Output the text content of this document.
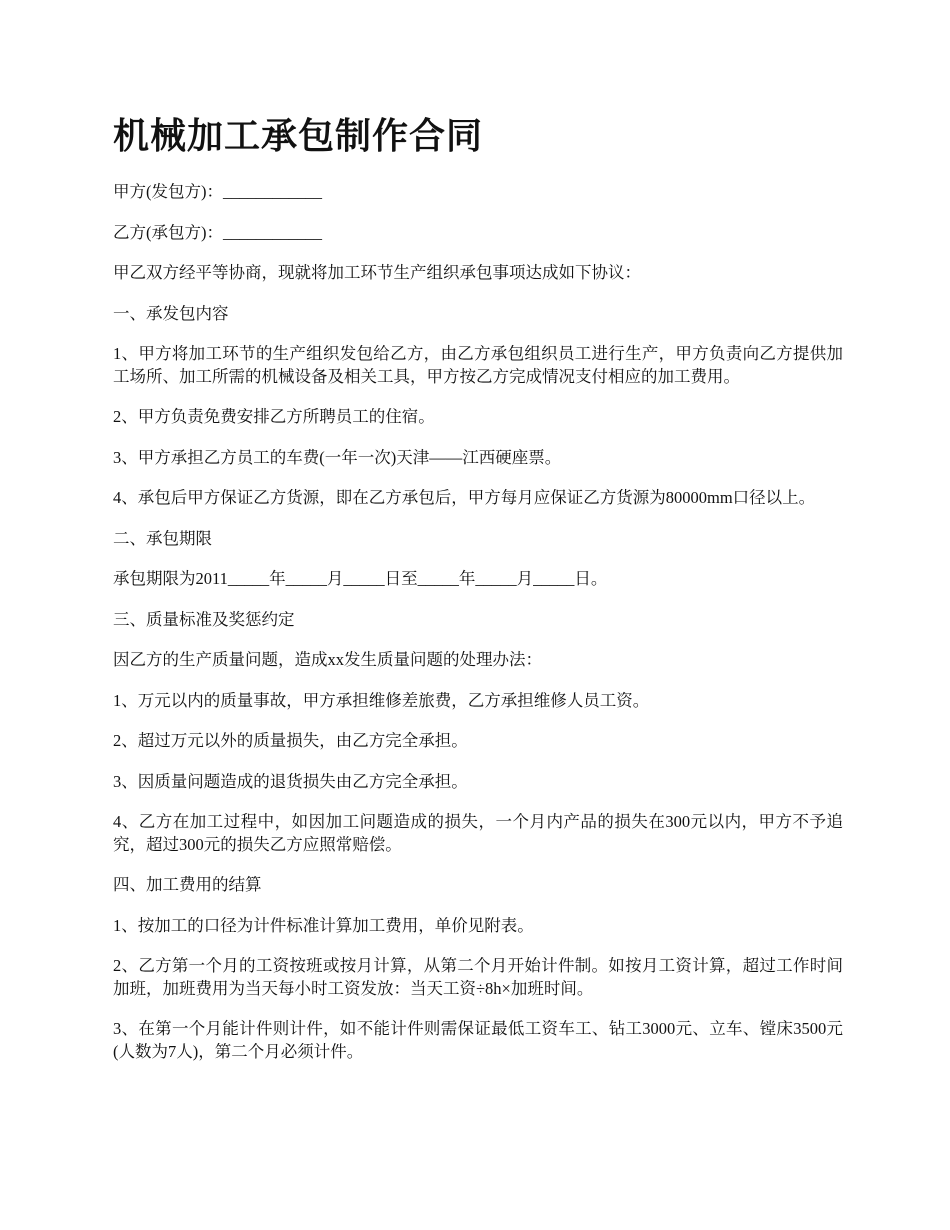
机械加工承包制作合同

甲方(发包方)：____________

乙方(承包方)：____________

甲乙双方经平等协商，现就将加工环节生产组织承包事项达成如下协议：

一、承发包内容

1、甲方将加工环节的生产组织发包给乙方，由乙方承包组织员工进行生产，甲方负责向乙方提供加工场所、加工所需的机械设备及相关工具，甲方按乙方完成情况支付相应的加工费用。

2、甲方负责免费安排乙方所聘员工的住宿。

3、甲方承担乙方员工的车费(一年一次)天津——江西硬座票。

4、承包后甲方保证乙方货源，即在乙方承包后，甲方每月应保证乙方货源为80000mm口径以上。

二、承包期限

承包期限为2011_____年_____月_____日至_____年_____月_____日。

三、质量标准及奖惩约定

因乙方的生产质量问题，造成xx发生质量问题的处理办法：

1、万元以内的质量事故，甲方承担维修差旅费，乙方承担维修人员工资。

2、超过万元以外的质量损失，由乙方完全承担。

3、因质量问题造成的退货损失由乙方完全承担。

4、乙方在加工过程中，如因加工问题造成的损失，一个月内产品的损失在300元以内，甲方不予追究，超过300元的损失乙方应照常赔偿。

四、加工费用的结算

1、按加工的口径为计件标准计算加工费用，单价见附表。

2、乙方第一个月的工资按班或按月计算，从第二个月开始计件制。如按月工资计算，超过工作时间加班，加班费用为当天每小时工资发放：当天工资÷8h×加班时间。

3、在第一个月能计件则计件，如不能计件则需保证最低工资车工、钻工3000元、立车、镗床3500元(人数为7人)，第二个月必须计件。
